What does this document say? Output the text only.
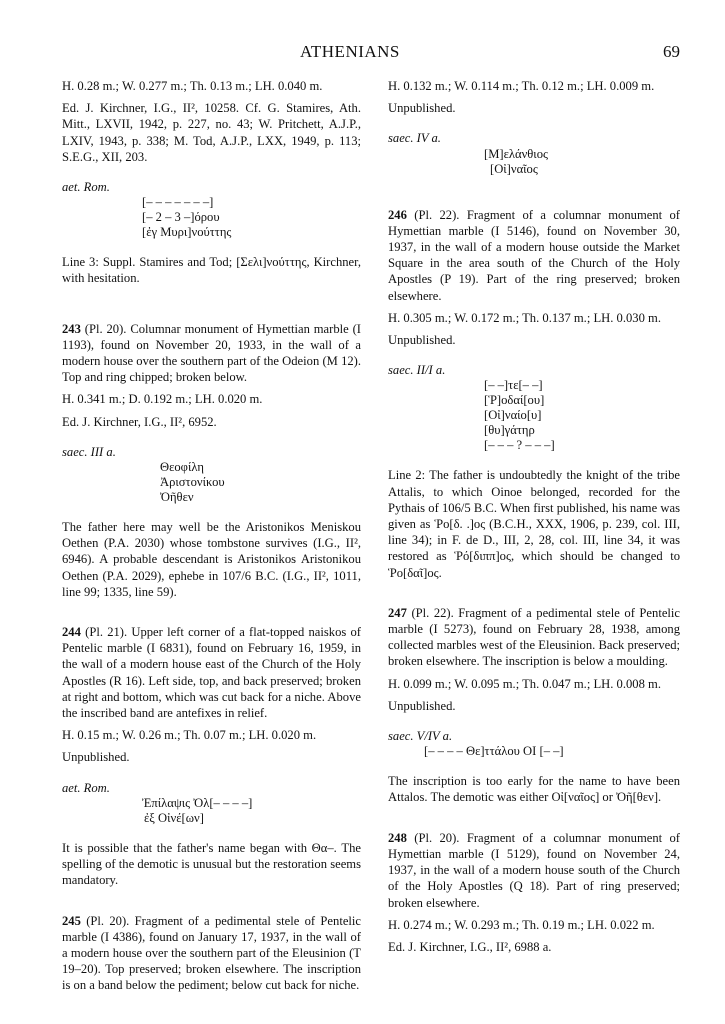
ATHENIANS	69

H. 0.28 m.; W. 0.277 m.; Th. 0.13 m.; LH. 0.040 m.

Ed. J. Kirchner, I.G., II², 10258. Cf. G. Stamires, Ath. Mitt., LXVII, 1942, p. 227, no. 43; W. Pritchett, A.J.P., LXIV, 1943, p. 338; M. Tod, A.J.P., LXX, 1949, p. 113; S.E.G., XII, 203.

aet. Rom.

[– – – – – – –]
[– 2 – 3 –]όρου
[ἐγ Μυρι]νούττης

Line 3: Suppl. Stamires and Tod; [Σελι]νούττης, Kirchner, with hesitation.

243 (Pl. 20). Columnar monument of Hymettian marble (I 1193), found on November 20, 1933, in the wall of a modern house over the southern part of the Odeion (M 12). Top and ring chipped; broken below.

H. 0.341 m.; D. 0.192 m.; LH. 0.020 m.

Ed. J. Kirchner, I.G., II², 6952.

saec. III a.

Θεοφίλη
Ἀριστονίκου
Ὀῆθεν

The father here may well be the Aristonikos Meniskou Oethen (P.A. 2030) whose tombstone survives (I.G., II², 6946). A probable descendant is Aristonikos Aristonikou Oethen (P.A. 2029), ephebe in 107/6 B.C. (I.G., II², 1011, line 99; 1335, line 59).

244 (Pl. 21). Upper left corner of a flat-topped naiskos of Pentelic marble (I 6831), found on February 16, 1959, in the wall of a modern house east of the Church of the Holy Apostles (R 16). Left side, top, and back preserved; broken at right and bottom, which was cut back for a niche. Above the inscribed band are antefixes in relief.

H. 0.15 m.; W. 0.26 m.; Th. 0.07 m.; LH. 0.020 m.

Unpublished.

aet. Rom.

Ἐπίλαψις Ὀλ[– – – –]
ἐξ Οἰνέ[ων]

It is possible that the father's name began with Θα–. The spelling of the demotic is unusual but the restoration seems mandatory.

245 (Pl. 20). Fragment of a pedimental stele of Pentelic marble (I 4386), found on January 17, 1937, in the wall of a modern house over the southern part of the Eleusinion (T 19–20). Top preserved; broken elsewhere. The inscription is on a band below the pediment; below cut back for niche.

H. 0.132 m.; W. 0.114 m.; Th. 0.12 m.; LH. 0.009 m.

Unpublished.

saec. IV a.

[Μ]ελάνθιος
[Οἰ]ναῖος

246 (Pl. 22). Fragment of a columnar monument of Hymettian marble (I 5146), found on November 30, 1937, in the wall of a modern house outside the Market Square in the area south of the Church of the Holy Apostles (P 19). Part of the ring preserved; broken elsewhere.

H. 0.305 m.; W. 0.172 m.; Th. 0.137 m.; LH. 0.030 m.

Unpublished.

saec. II/I a.

[– –]τε[– –]
[Ῥ]οδαί[ου]
[Οἰ]ναίο[υ]
[θυ]γάτηρ
[– – – ? – – –]

Line 2: The father is undoubtedly the knight of the tribe Attalis, to which Oinoe belonged, recorded for the Pythais of 106/5 B.C. When first published, his name was given as Ῥο[δ. .]ος (B.C.H., XXX, 1906, p. 239, col. III, line 34); in F. de D., III, 2, 28, col. III, line 34, it was restored as Ῥό[διππ]ος, which should be changed to Ῥο[δαῖ]ος.

247 (Pl. 22). Fragment of a pedimental stele of Pentelic marble (I 5273), found on February 28, 1938, among collected marbles west of the Eleusinion. Back preserved; broken elsewhere. The inscription is below a moulding.

H. 0.099 m.; W. 0.095 m.; Th. 0.047 m.; LH. 0.008 m.

Unpublished.

saec. V/IV a.

[– – – – Θε]ττάλου ΟΙ [– –]

The inscription is too early for the name to have been Attalos. The demotic was either Οἰ[ναῖος] or Ὀῆ[θεν].

248 (Pl. 20). Fragment of a columnar monument of Hymettian marble (I 5129), found on November 24, 1937, in the wall of a modern house south of the Church of the Holy Apostles (Q 18). Part of ring preserved; broken elsewhere.

H. 0.274 m.; W. 0.293 m.; Th. 0.19 m.; LH. 0.022 m.

Ed. J. Kirchner, I.G., II², 6988 a.
